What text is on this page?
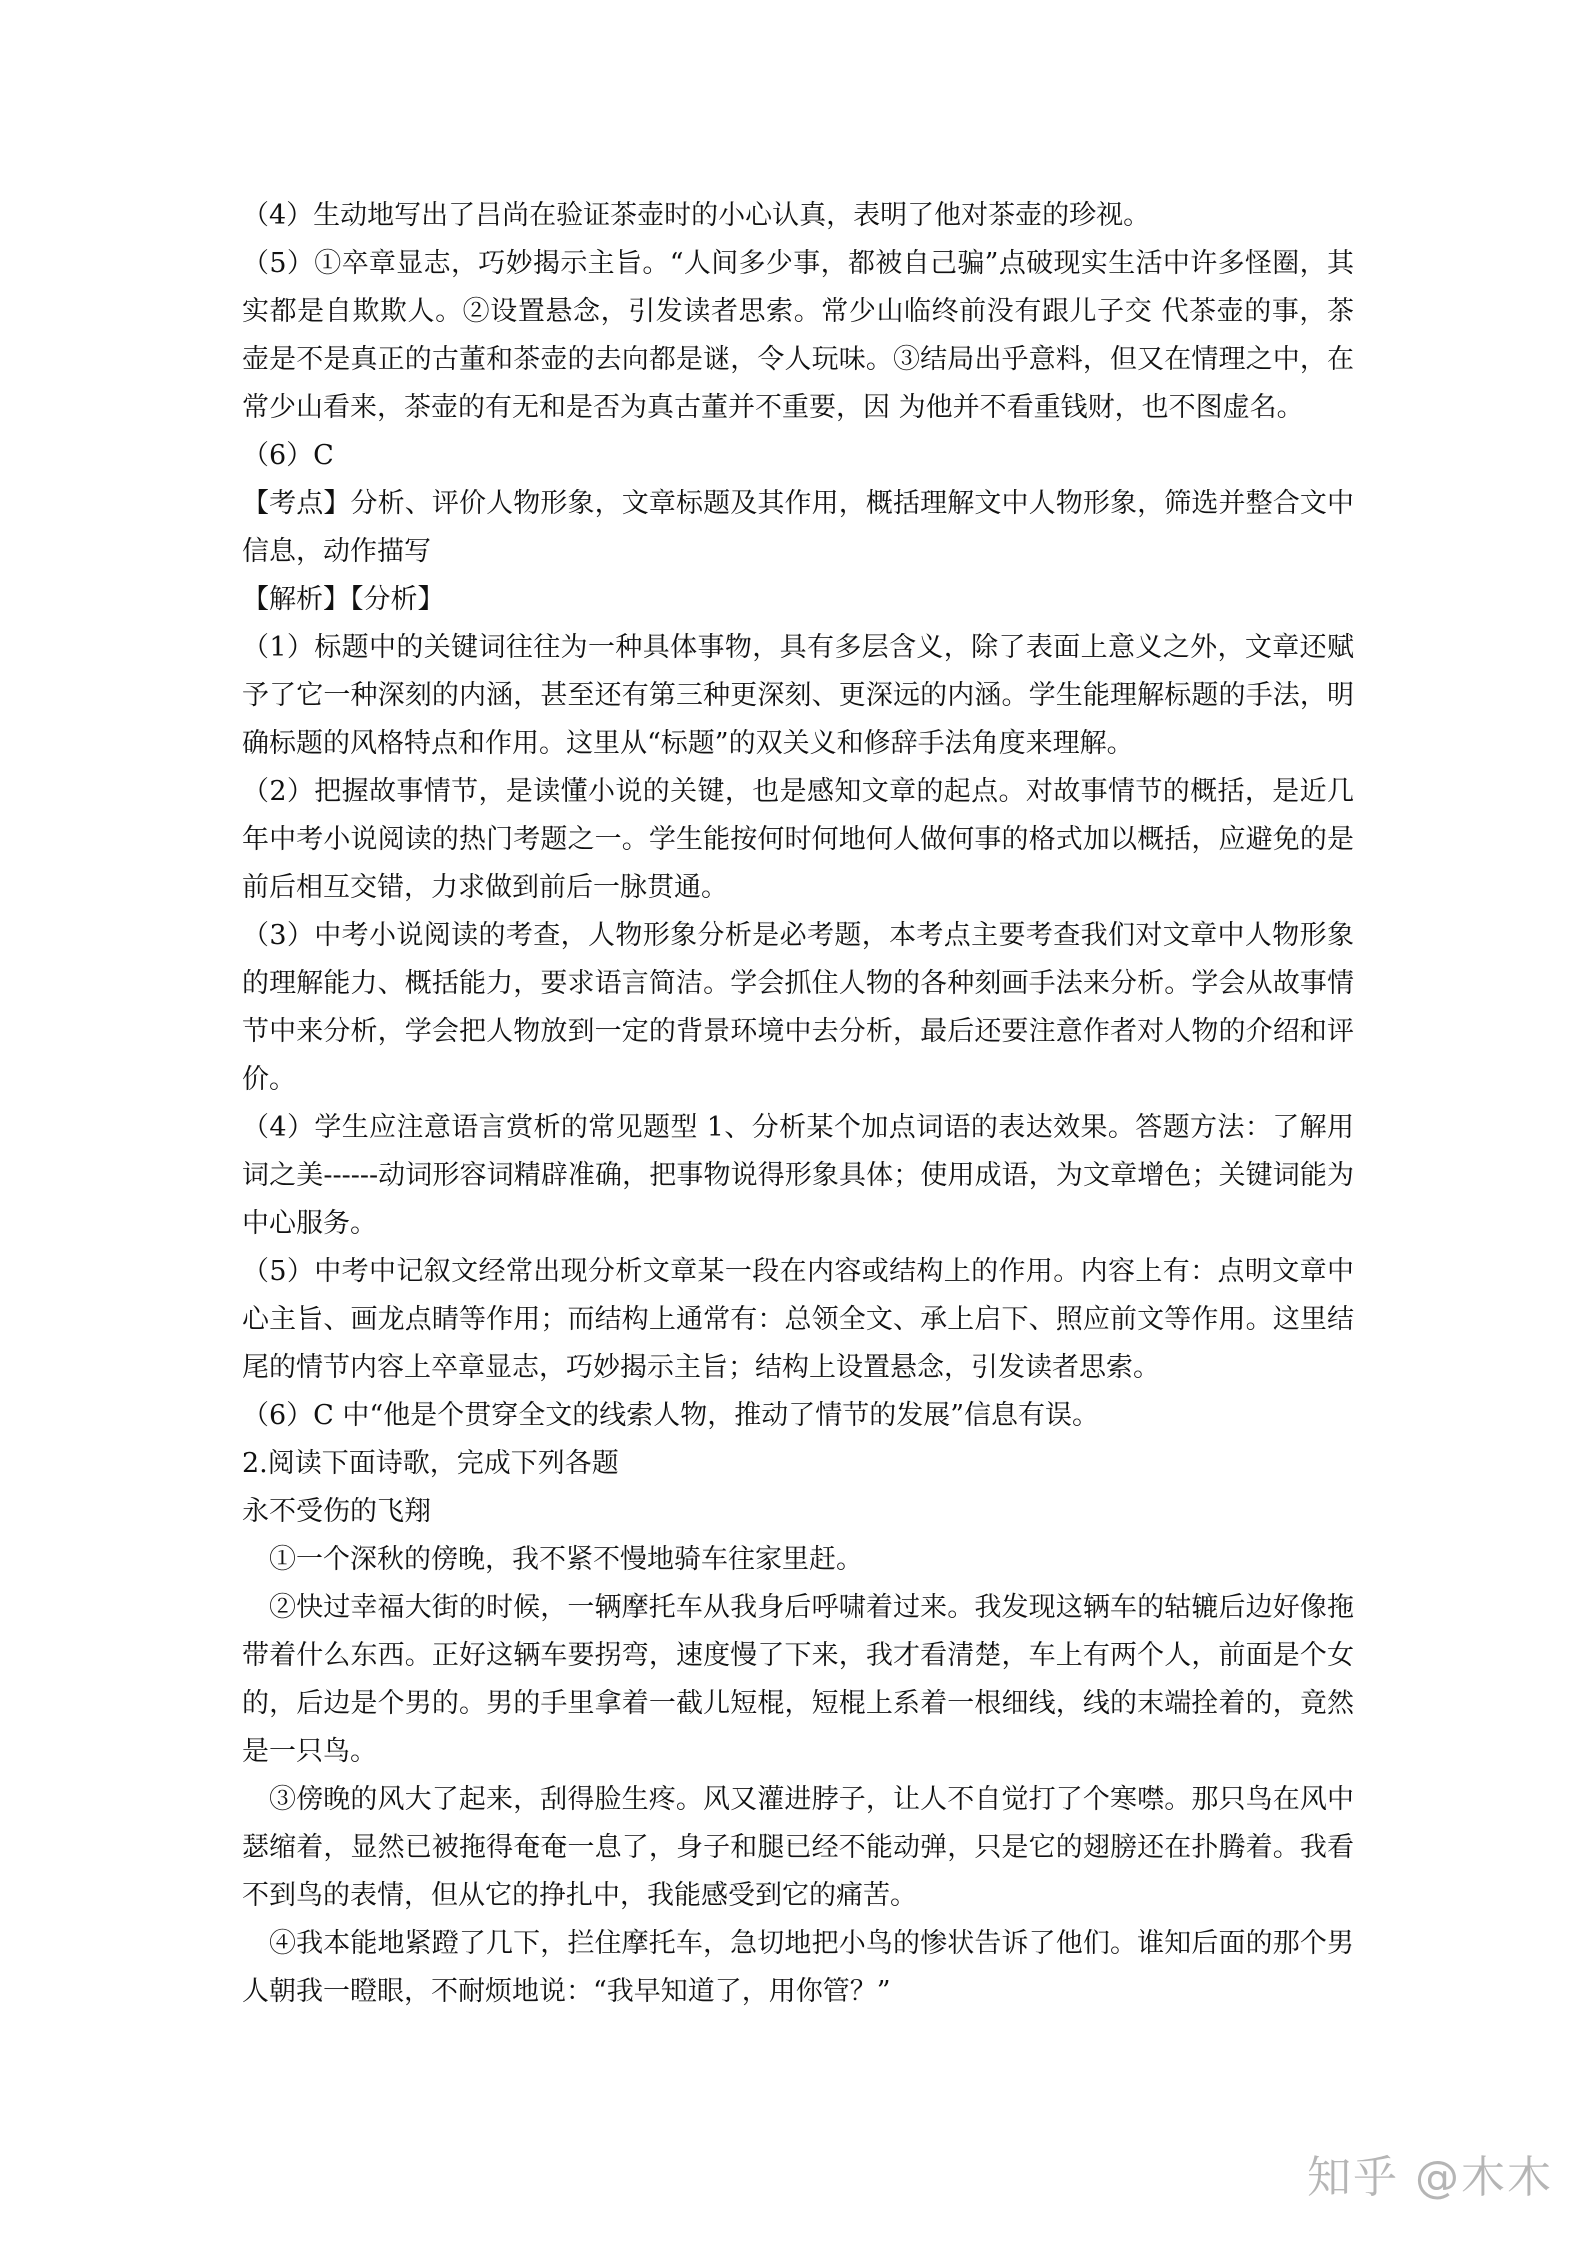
（4）生动地写出了吕尚在验证茶壶时的小心认真，表明了他对茶壶的珍视。

（5）①卒章显志，巧妙揭示主旨。“人间多少事，都被自己骗”点破现实生活中许多怪圈，其实都是自欺欺人。②设置悬念，引发读者思索。常少山临终前没有跟儿子交 代茶壶的事，茶壶是不是真正的古董和茶壶的去向都是谜，令人玩味。③结局出乎意料，但又在情理之中，在常少山看来，茶壶的有无和是否为真古董并不重要，因 为他并不看重钱财，也不图虚名。

（6）C

【考点】分析、评价人物形象，文章标题及其作用，概括理解文中人物形象，筛选并整合文中信息，动作描写

【解析】【分析】

（1）标题中的关键词往往为一种具体事物，具有多层含义，除了表面上意义之外，文章还赋予了它一种深刻的内涵，甚至还有第三种更深刻、更深远的内涵。学生能理解标题的手法，明确标题的风格特点和作用。这里从“标题”的双关义和修辞手法角度来理解。

（2）把握故事情节，是读懂小说的关键，也是感知文章的起点。对故事情节的概括，是近几年中考小说阅读的热门考题之一。学生能按何时何地何人做何事的格式加以概括，应避免的是前后相互交错，力求做到前后一脉贯通。

（3）中考小说阅读的考查，人物形象分析是必考题，本考点主要考查我们对文章中人物形象的理解能力、概括能力，要求语言简洁。学会抓住人物的各种刻画手法来分析。学会从故事情节中来分析，学会把人物放到一定的背景环境中去分析，最后还要注意作者对人物的介绍和评价。

（4）学生应注意语言赏析的常见题型 1、分析某个加点词语的表达效果。答题方法：了解用词之美------动词形容词精辟准确，把事物说得形象具体；使用成语，为文章增色；关键词能为中心服务。

（5）中考中记叙文经常出现分析文章某一段在内容或结构上的作用。内容上有：点明文章中心主旨、画龙点睛等作用；而结构上通常有：总领全文、承上启下、照应前文等作用。这里结尾的情节内容上卒章显志，巧妙揭示主旨；结构上设置悬念，引发读者思索。

（6）C 中“他是个贯穿全文的线索人物，推动了情节的发展”信息有误。

2.阅读下面诗歌，完成下列各题

永不受伤的飞翔

①一个深秋的傍晚，我不紧不慢地骑车往家里赶。

②快过幸福大街的时候，一辆摩托车从我身后呼啸着过来。我发现这辆车的轱辘后边好像拖带着什么东西。正好这辆车要拐弯，速度慢了下来，我才看清楚，车上有两个人，前面是个女的，后边是个男的。男的手里拿着一截儿短棍，短棍上系着一根细线，线的末端拴着的，竟然是一只鸟。

③傍晚的风大了起来，刮得脸生疼。风又灌进脖子，让人不自觉打了个寒噤。那只鸟在风中瑟缩着，显然已被拖得奄奄一息了，身子和腿已经不能动弹，只是它的翅膀还在扑腾着。我看不到鸟的表情，但从它的挣扎中，我能感受到它的痛苦。

④我本能地紧蹬了几下，拦住摩托车，急切地把小鸟的惨状告诉了他们。谁知后面的那个男人朝我一瞪眼，不耐烦地说：“我早知道了，用你管？”

知乎 @木木
